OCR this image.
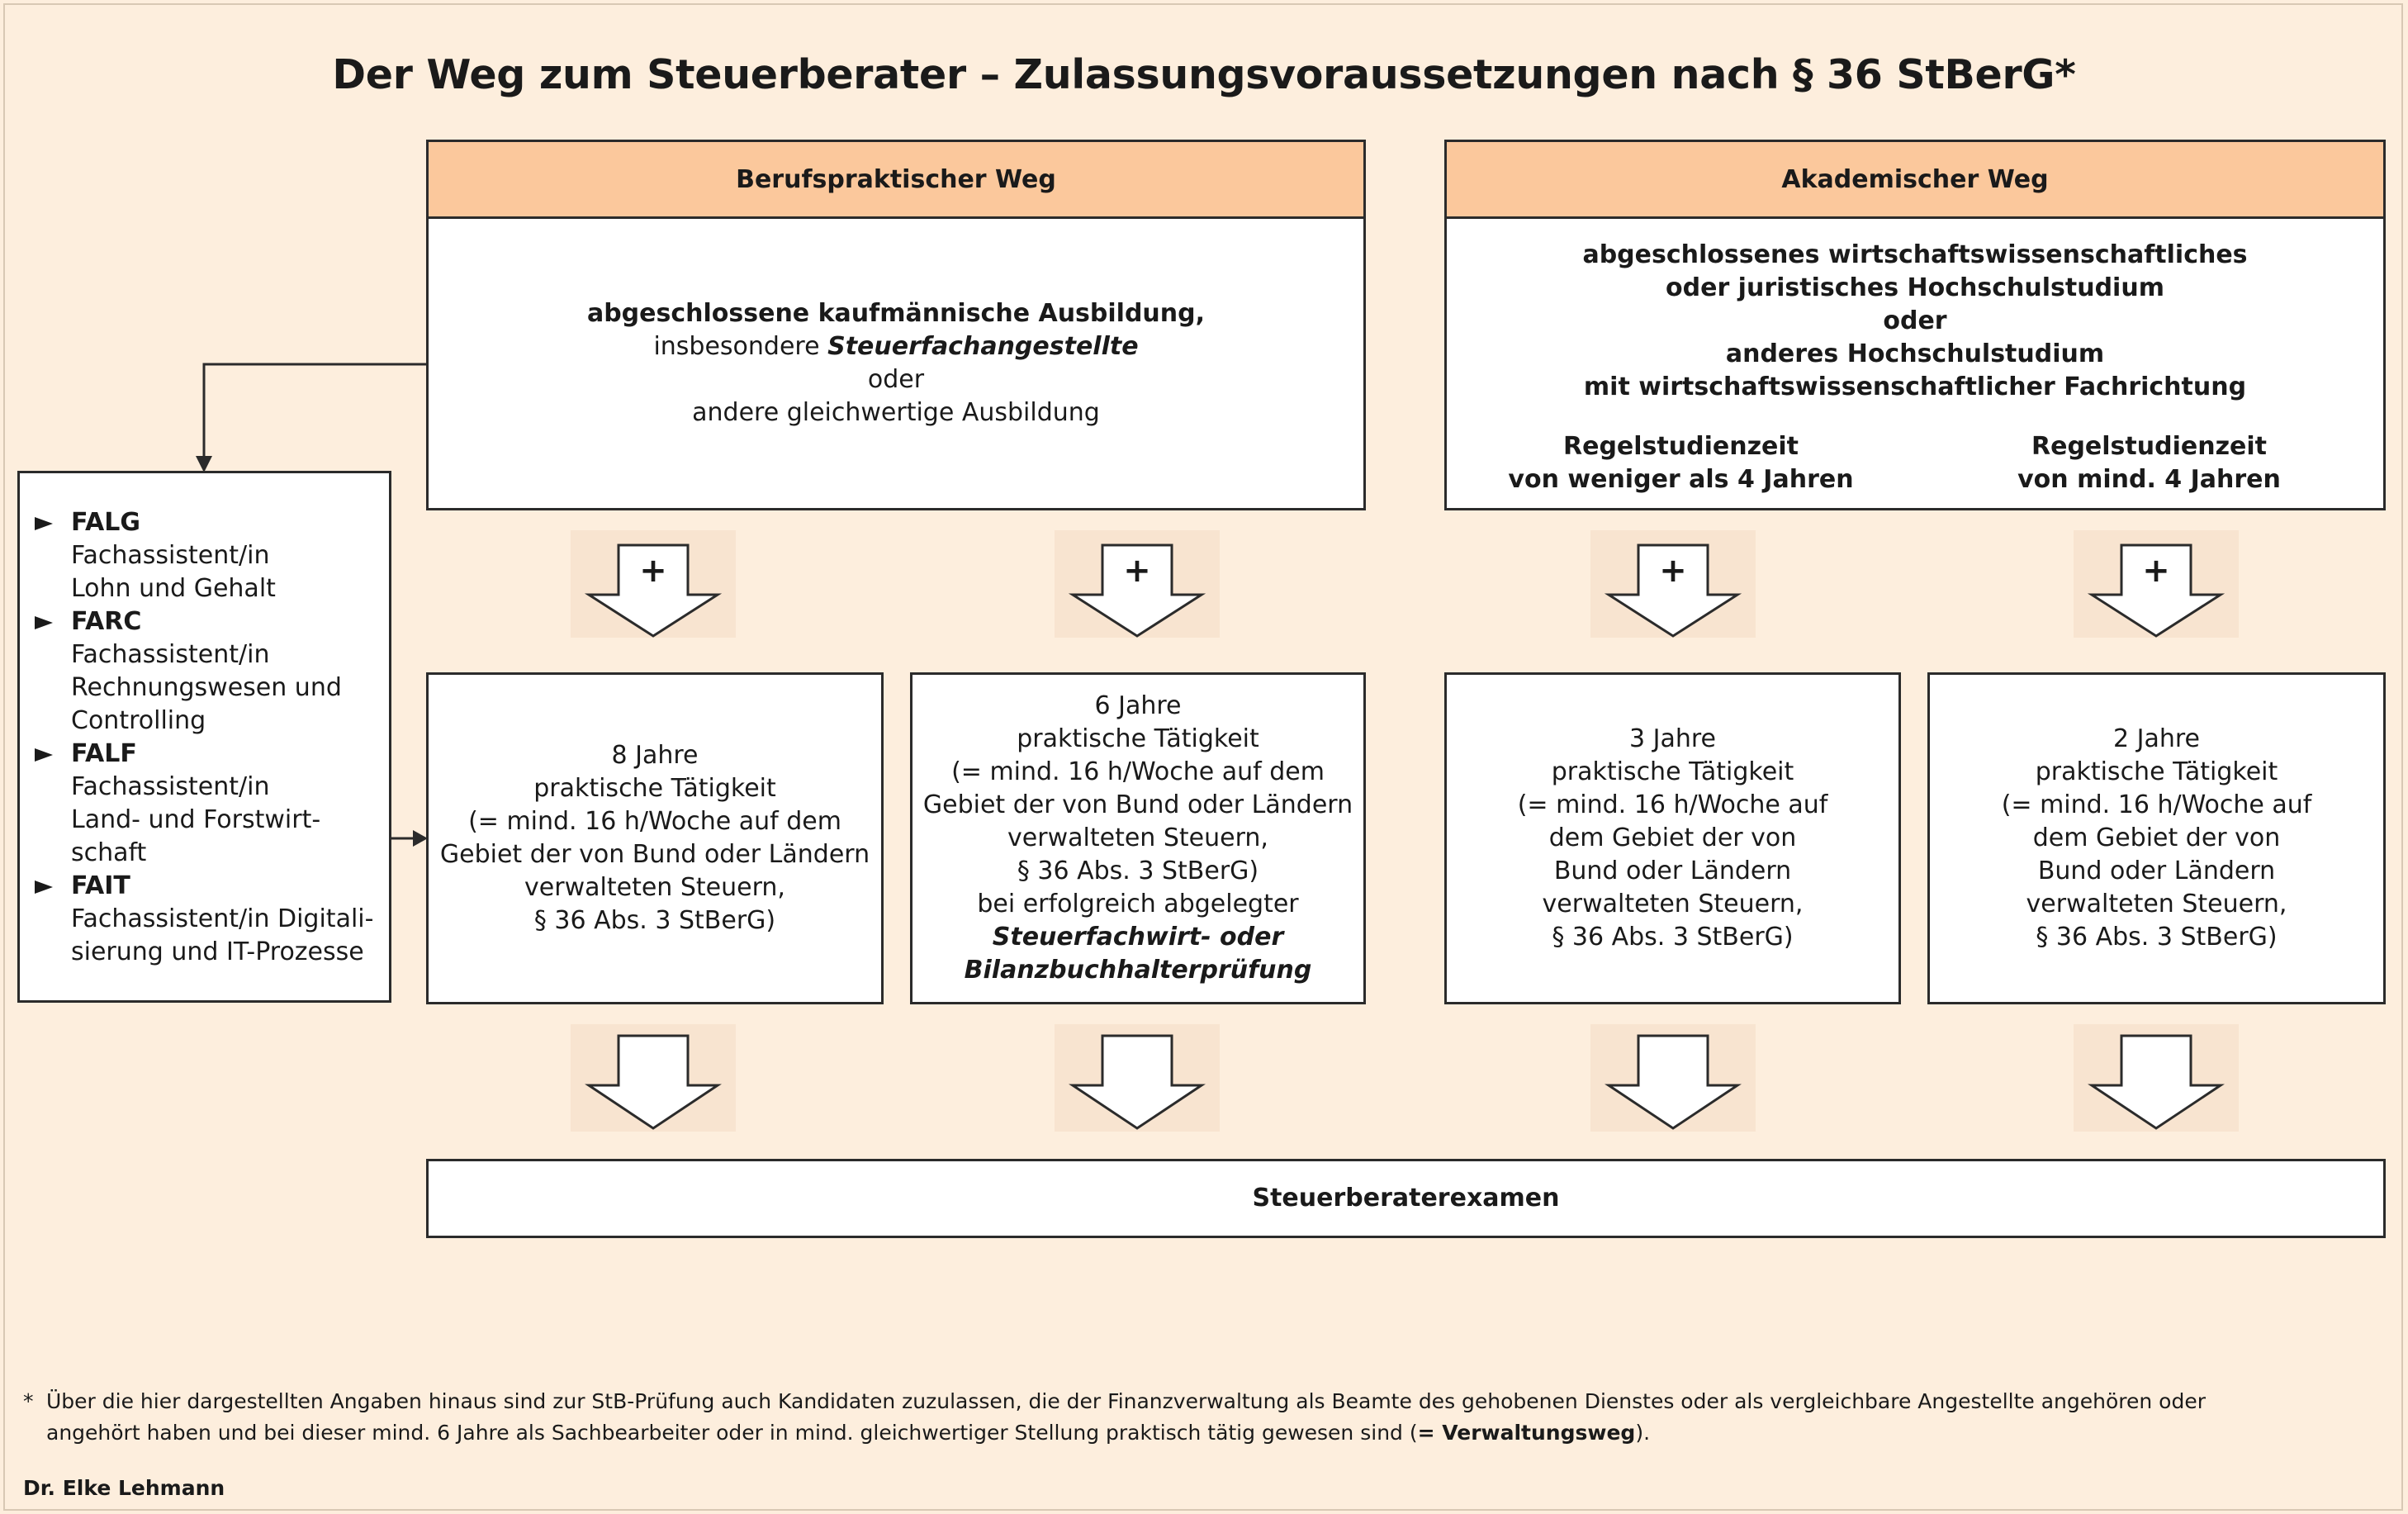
Der Weg zum Steuerberater – Zulassungsvoraussetzungen nach § 36 StBerG*
Berufspraktischer Weg
abgeschlossene kaufmännische Ausbildung,
insbesondere Steuerfachangestellte
oder
andere gleichwertige Ausbildung
Akademischer Weg
abgeschlossenes wirtschaftswissenschaftliches
oder juristisches Hochschulstudium
oder
anderes Hochschulstudium
mit wirtschaftswissenschaftlicher Fachrichtung
Regelstudienzeit
von weniger als 4 Jahren
Regelstudienzeit
von mind. 4 Jahren
FALG
Fachassistent/in
Lohn und Gehalt
FARC
Fachassistent/in
Rechnungswesen und
Controlling
FALF
Fachassistent/in
Land- und Forstwirt-
schaft
FAIT
Fachassistent/in Digitali-
sierung und IT-Prozesse
+	+	+	+
8 Jahre
praktische Tätigkeit
(= mind. 16 h/Woche auf dem
Gebiet der von Bund oder Ländern
verwalteten Steuern,
§ 36 Abs. 3 StBerG)
6 Jahre
praktische Tätigkeit
(= mind. 16 h/Woche auf dem
Gebiet der von Bund oder Ländern
verwalteten Steuern,
§ 36 Abs. 3 StBerG)
bei erfolgreich abgelegter
Steuerfachwirt- oder
Bilanzbuchhalterprüfung
3 Jahre
praktische Tätigkeit
(= mind. 16 h/Woche auf
dem Gebiet der von
Bund oder Ländern
verwalteten Steuern,
§ 36 Abs. 3 StBerG)
2 Jahre
praktische Tätigkeit
(= mind. 16 h/Woche auf
dem Gebiet der von
Bund oder Ländern
verwalteten Steuern,
§ 36 Abs. 3 StBerG)
Steuerberaterexamen
* Über die hier dargestellten Angaben hinaus sind zur StB-Prüfung auch Kandidaten zuzulassen, die der Finanzverwaltung als Beamte des gehobenen Dienstes oder als vergleichbare Angestellte angehören oder
angehört haben und bei dieser mind. 6 Jahre als Sachbearbeiter oder in mind. gleichwertiger Stellung praktisch tätig gewesen sind (= Verwaltungsweg).
Dr. Elke Lehmann
